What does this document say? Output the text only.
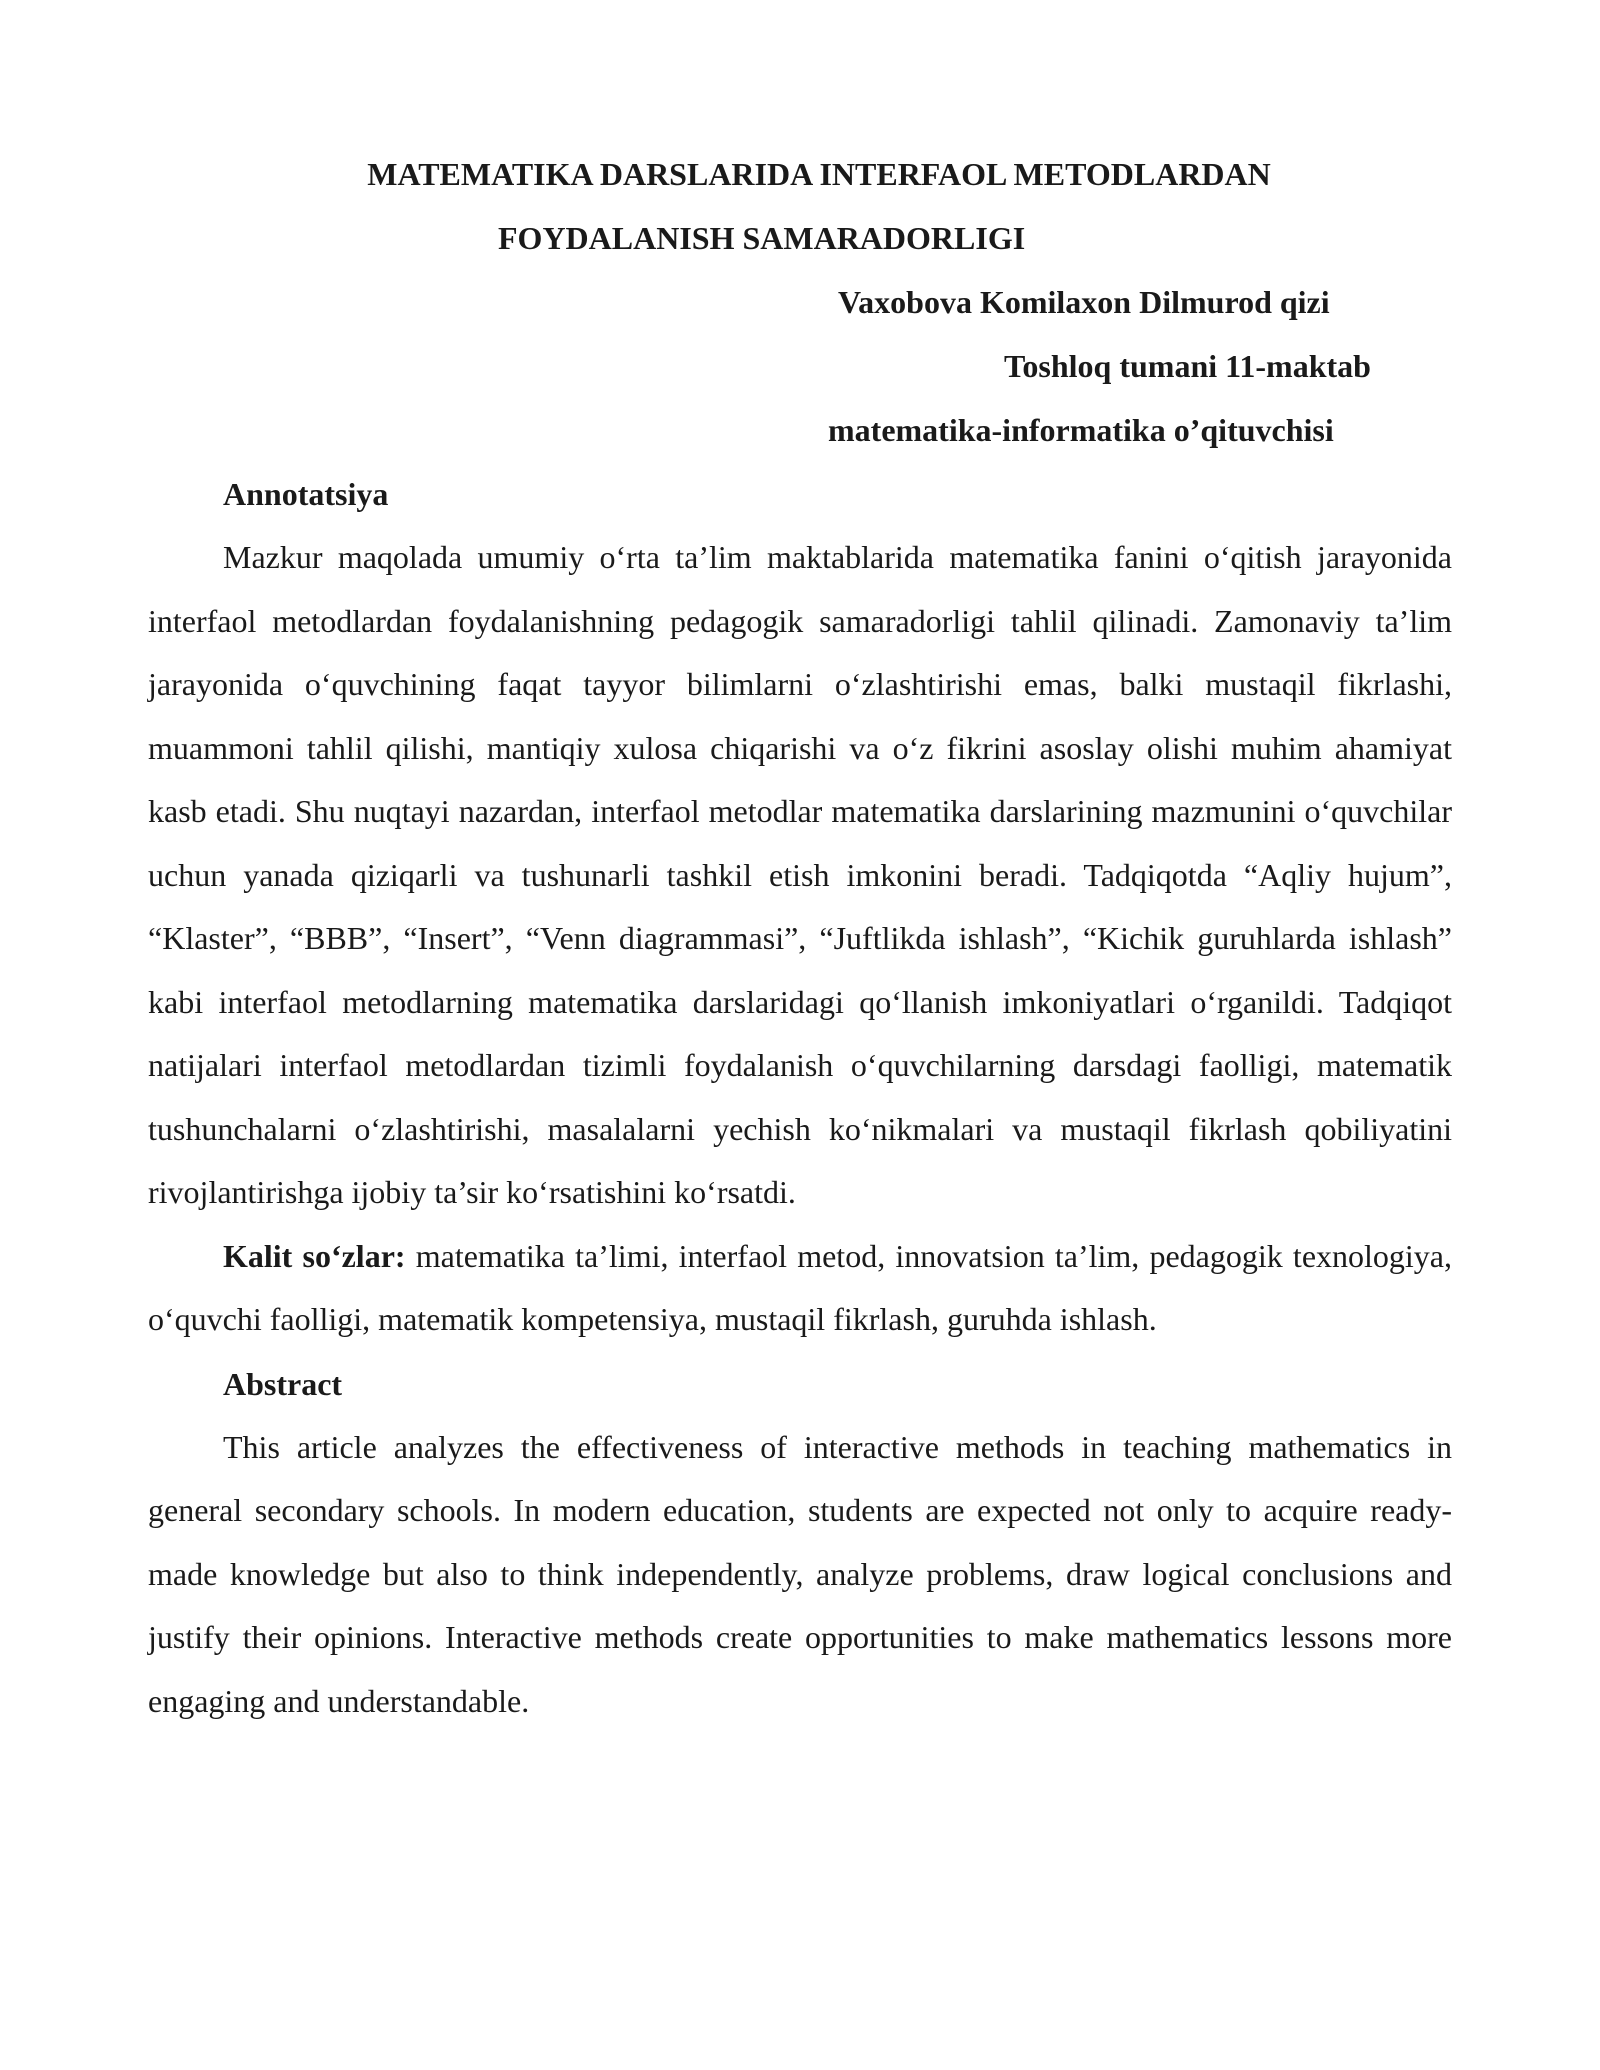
MATEMATIKA DARSLARIDA INTERFAOL METODLARDAN
FOYDALANISH SAMARADORLIGI
Vaxobova Komilaxon Dilmurod qizi
Toshloq tumani 11-maktab
matematika-informatika o’qituvchisi
Annotatsiya

Mazkur maqolada umumiy o‘rta ta’lim maktablarida matematika fanini o‘qitish jarayonida interfaol metodlardan foydalanishning pedagogik samaradorligi tahlil qilinadi. Zamonaviy ta’lim jarayonida o‘quvchining faqat tayyor bilimlarni o‘zlashtirishi emas, balki mustaqil fikrlashi, muammoni tahlil qilishi, mantiqiy xulosa chiqarishi va o‘z fikrini asoslay olishi muhim ahamiyat kasb etadi. Shu nuqtayi nazardan, interfaol metodlar matematika darslarining mazmunini o‘quvchilar uchun yanada qiziqarli va tushunarli tashkil etish imkonini beradi. Tadqiqotda “Aqliy hujum”, “Klaster”, “BBB”, “Insert”, “Venn diagrammasi”, “Juftlikda ishlash”, “Kichik guruhlarda ishlash” kabi interfaol metodlarning matematika darslaridagi qo‘llanish imkoniyatlari o‘rganildi. Tadqiqot natijalari interfaol metodlardan tizimli foydalanish o‘quvchilarning darsdagi faolligi, matematik tushunchalarni o‘zlashtirishi, masalalarni yechish ko‘nikmalari va mustaqil fikrlash qobiliyatini rivojlantirishga ijobiy ta’sir ko‘rsatishini ko‘rsatdi.

Kalit so‘zlar: matematika ta’limi, interfaol metod, innovatsion ta’lim, pedagogik texnologiya, o‘quvchi faolligi, matematik kompetensiya, mustaqil fikrlash, guruhda ishlash.

Abstract

This article analyzes the effectiveness of interactive methods in teaching mathematics in general secondary schools. In modern education, students are expected not only to acquire ready-made knowledge but also to think independently, analyze problems, draw logical conclusions and justify their opinions. Interactive methods create opportunities to make mathematics lessons more engaging and understandable.
